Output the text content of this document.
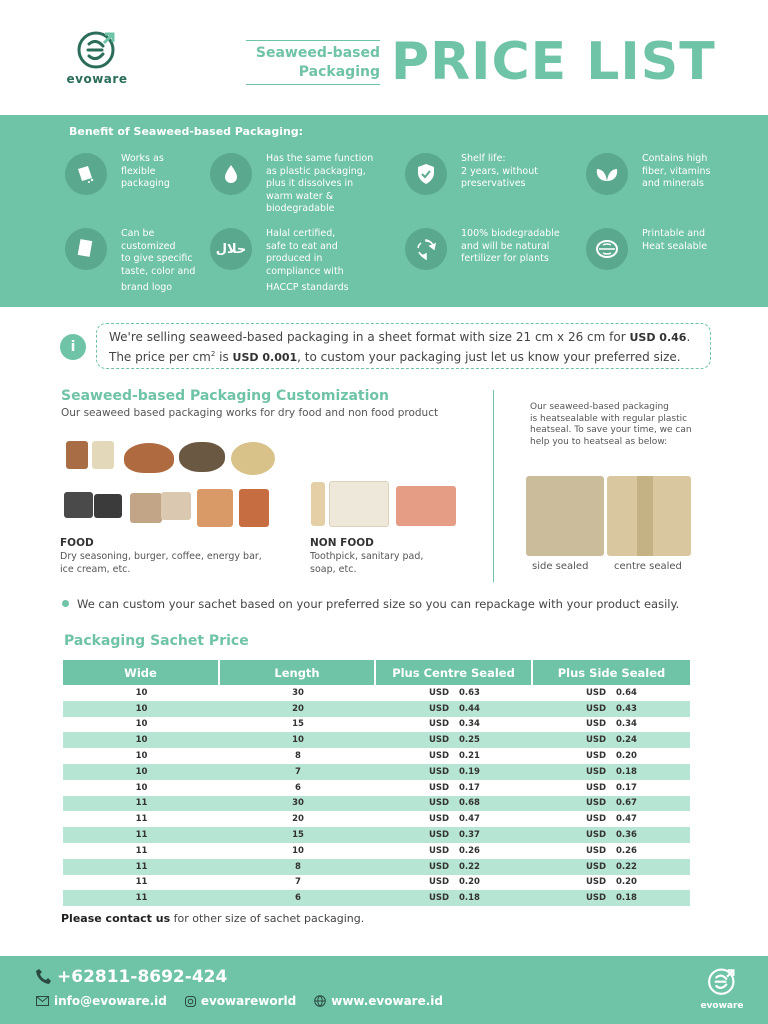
evoware
Seaweed-based
Packaging PRICE LIST
Benefit of Seaweed-based Packaging:
Works as
flexible
packaging
Has the same function
as plastic packaging,
plus it dissolves in
warm water &
biodegradable
Shelf life:
2 years, without
preservatives
Contains high
fiber, vitamins
and minerals
Can be
customized
to give specific
taste, color and
brand logo
حلال
Halal certified,
safe to eat and
produced in
compliance with
HACCP standards
100% biodegradable
and will be natural
fertilizer for plants
Printable and
Heat sealable
i
We're selling seaweed-based packaging in a sheet format with size 21 cm x 26 cm for USD 0.46.
The price per $cm^2$ is USD 0.001, to custom your packaging just let us know your preferred size.
Seaweed-based Packaging Customization
Our seaweed based packaging works for dry food and non food product
FOOD
Dry seasoning, burger, coffee, energy bar,
ice cream, etc.
NON FOOD
Toothpick, sanitary pad,
soap, etc.
Our seaweed-based packaging
is heatsealable with regular plastic
heatseal. To save your time, we can
help you to heatseal as below:
side sealed	centre sealed
We can custom your sachet based on your preferred size so you can repackage with your product easily.
Packaging Sachet Price
Wide	Length	Plus Centre Sealed	Plus Side Sealed
10	30	USD 0.63	USD 0.64
10	20	USD 0.44	USD 0.43
10	15	USD 0.34	USD 0.34
10	10	USD 0.25	USD 0.24
10	8	USD 0.21	USD 0.20
10	7	USD 0.19	USD 0.18
10	6	USD 0.17	USD 0.17
11	30	USD 0.68	USD 0.67
11	20	USD 0.47	USD 0.47
11	15	USD 0.37	USD 0.36
11	10	USD 0.26	USD 0.26
11	8	USD 0.22	USD 0.22
11	7	USD 0.20	USD 0.20
11	6	USD 0.18	USD 0.18
Please contact us for other size of sachet packaging.
+62811-8692-424
info@evoware.id	evowareworld	www.evoware.id	evoware
